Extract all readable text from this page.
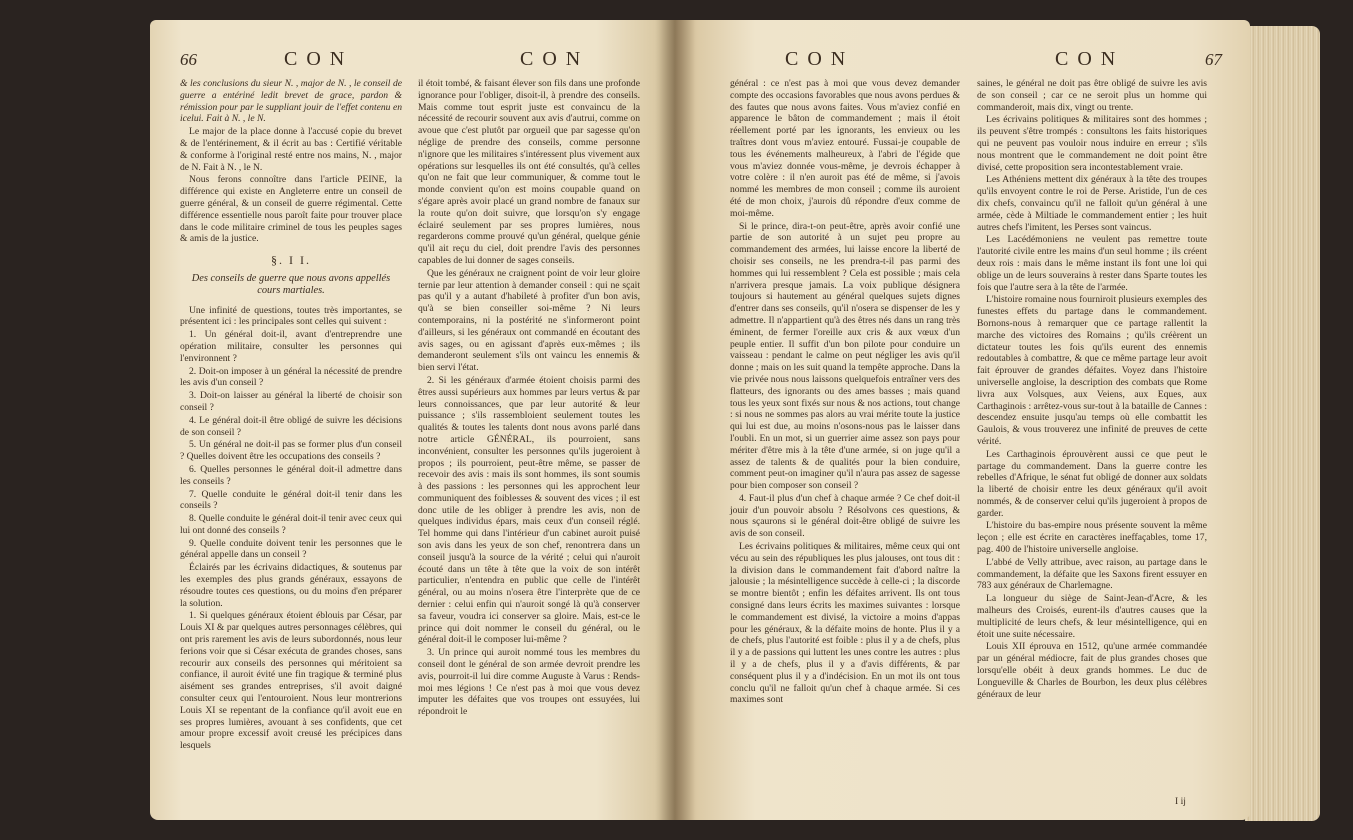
66	CON	CON

& les conclusions du sieur N. , major de N. , le conseil de guerre a entériné ledit brevet de grace, pardon & rémission pour par le suppliant jouir de l'effet contenu en icelui. Fait à N. , le N.

Le major de la place donne à l'accusé copie du brevet & de l'entérinement, & il écrit au bas : Certifié véritable & conforme à l'original resté entre nos mains, N. , major de N. Fait à N. , le N.

Nous ferons connoître dans l'article PEINE, la différence qui existe en Angleterre entre un conseil de guerre général, & un conseil de guerre régimental. Cette différence essentielle nous paroît faite pour trouver place dans le code militaire criminel de tous les peuples sages & amis de la justice.

§. I I.

Des conseils de guerre que nous avons appellés cours martiales.

Une infinité de questions, toutes très importantes, se présentent ici : les principales sont celles qui suivent :

1. Un général doit-il, avant d'entreprendre une opération militaire, consulter les personnes qui l'environnent ?

2. Doit-on imposer à un général la nécessité de prendre les avis d'un conseil ?

3. Doit-on laisser au général la liberté de choisir son conseil ?

4. Le général doit-il être obligé de suivre les décisions de son conseil ?

5. Un général ne doit-il pas se former plus d'un conseil ? Quelles doivent être les occupations des conseils ?

6. Quelles personnes le général doit-il admettre dans les conseils ?

7. Quelle conduite le général doit-il tenir dans les conseils ?

8. Quelle conduite le général doit-il tenir avec ceux qui lui ont donné des conseils ?

9. Quelle conduite doivent tenir les personnes que le général appelle dans un conseil ?

Éclairés par les écrivains didactiques, & soutenus par les exemples des plus grands généraux, essayons de résoudre toutes ces questions, ou du moins d'en préparer la solution.

1. Si quelques généraux étoient éblouis par César, par Louis XI & par quelques autres personnages célèbres, qui ont pris rarement les avis de leurs subordonnés, nous leur ferions voir que si César exécuta de grandes choses, sans recourir aux conseils des personnes qui méritoient sa confiance, il auroit évité une fin tragique & terminé plus aisément ses grandes entreprises, s'il avoit daigné consulter ceux qui l'entouroient. Nous leur montrerions Louis XI se repentant de la confiance qu'il avoit eue en ses propres lumières, avouant à ses confidents, que cet amour propre excessif avoit creusé les précipices dans lesquels

il étoit tombé, & faisant élever son fils dans une profonde ignorance pour l'obliger, disoit-il, à prendre des conseils. Mais comme tout esprit juste est convaincu de la nécessité de recourir souvent aux avis d'autrui, comme on avoue que c'est plutôt par orgueil que par sagesse qu'on néglige de prendre des conseils, comme personne n'ignore que les militaires s'intéressent plus vivement aux opérations sur lesquelles ils ont été consultés, qu'à celles qu'on ne fait que leur communiquer, & comme tout le monde convient qu'on est moins coupable quand on s'égare après avoir placé un grand nombre de fanaux sur la route qu'on doit suivre, que lorsqu'on s'y engage éclairé seulement par ses propres lumières, nous regarderons comme prouvé qu'un général, quelque génie qu'il ait reçu du ciel, doit prendre l'avis des personnes capables de lui donner de sages conseils.

Que les généraux ne craignent point de voir leur gloire ternie par leur attention à demander conseil : qui ne sçait pas qu'il y a autant d'habileté à profiter d'un bon avis, qu'à se bien conseiller soi-même ? Ni leurs contemporains, ni la postérité ne s'informeront point d'ailleurs, si les généraux ont commandé en écoutant des avis sages, ou en agissant d'après eux-mêmes ; ils demanderont seulement s'ils ont vaincu les ennemis & bien servi l'état.

2. Si les généraux d'armée étoient choisis parmi des êtres aussi supérieurs aux hommes par leurs vertus & par leurs connoissances, que par leur autorité & leur puissance ; s'ils rassembloient seulement toutes les qualités & toutes les talents dont nous avons parlé dans notre article GÉNÉRAL, ils pourroient, sans inconvénient, consulter les personnes qu'ils jugeroient à propos ; ils pourroient, peut-être même, se passer de recevoir des avis : mais ils sont hommes, ils sont soumis à des passions : les personnes qui les approchent leur communiquent des foiblesses & souvent des vices ; il est donc utile de les obliger à prendre les avis, non de quelques individus épars, mais ceux d'un conseil réglé. Tel homme qui dans l'intérieur d'un cabinet auroit puisé son avis dans les yeux de son chef, renontrera dans un conseil jusqu'à la source de la vérité ; celui qui n'auroit écouté dans un tête à tête que la voix de son intérêt particulier, n'entendra en public que celle de l'intérêt général, ou au moins n'osera être l'interprète que de ce dernier : celui enfin qui n'auroit songé là qu'à conserver sa faveur, voudra ici conserver sa gloire. Mais, est-ce le prince qui doit nommer le conseil du général, ou le général doit-il le composer lui-même ?

3. Un prince qui auroit nommé tous les membres du conseil dont le général de son armée devroit prendre les avis, pourroit-il lui dire comme Auguste à Varus : Rends-moi mes légions ! Ce n'est pas à moi que vous devez imputer les défaites que vos troupes ont essuyées, lui répondroit le

CON	CON	67

général : ce n'est pas à moi que vous devez demander compte des occasions favorables que nous avons perdues & des fautes que nous avons faites. Vous m'aviez confié en apparence le bâton de commandement ; mais il étoit réellement porté par les ignorants, les envieux ou les traîtres dont vous m'aviez entouré. Fussai-je coupable de tous les événements malheureux, à l'abri de l'égide que vous m'aviez donnée vous-même, je devrois échapper à votre colère : il n'en auroit pas été de même, si j'avois nommé les membres de mon conseil ; comme ils auroient été de mon choix, j'aurois dû répondre d'eux comme de moi-même.

Si le prince, dira-t-on peut-être, après avoir confié une partie de son autorité à un sujet peu propre au commandement des armées, lui laisse encore la liberté de choisir ses conseils, ne les prendra-t-il pas parmi des hommes qui lui ressemblent ? Cela est possible ; mais cela n'arrivera presque jamais. La voix publique désignera toujours si hautement au général quelques sujets dignes d'entrer dans ses conseils, qu'il n'osera se dispenser de les y admettre. Il n'appartient qu'à des êtres nés dans un rang très éminent, de fermer l'oreille aux cris & aux vœux d'un peuple entier. Il suffit d'un bon pilote pour conduire un vaisseau : pendant le calme on peut négliger les avis qu'il donne ; mais on les suit quand la tempête approche. Dans la vie privée nous nous laissons quelquefois entraîner vers des flatteurs, des ignorants ou des ames basses ; mais quand tous les yeux sont fixés sur nous & nos actions, tout change : si nous ne sommes pas alors au vrai mérite toute la justice qui lui est due, au moins n'osons-nous pas le laisser dans l'oubli. En un mot, si un guerrier aime assez son pays pour mériter d'être mis à la tête d'une armée, si on juge qu'il a assez de talents & de qualités pour la bien conduire, comment peut-on imaginer qu'il n'aura pas assez de sagesse pour bien composer son conseil ?

4. Faut-il plus d'un chef à chaque armée ? Ce chef doit-il jouir d'un pouvoir absolu ? Résolvons ces questions, & nous sçaurons si le général doit-être obligé de suivre les avis de son conseil.

Les écrivains politiques & militaires, même ceux qui ont vécu au sein des républiques les plus jalouses, ont tous dit : la division dans le commandement fait d'abord naître la jalousie ; la mésintelligence succède à celle-ci ; la discorde se montre bientôt ; enfin les défaites arrivent. Ils ont tous consigné dans leurs écrits les maximes suivantes : lorsque le commandement est divisé, la victoire a moins d'appas pour les généraux, & la défaite moins de honte. Plus il y a de chefs, plus l'autorité est foible : plus il y a de chefs, plus il y a de passions qui luttent les unes contre les autres : plus il y a de chefs, plus il y a d'avis différents, & par conséquent plus il y a d'indécision. En un mot ils ont tous conclu qu'il ne falloit qu'un chef à chaque armée. Si ces maximes sont

saines, le général ne doit pas être obligé de suivre les avis de son conseil ; car ce ne seroit plus un homme qui commanderoit, mais dix, vingt ou trente.

Les écrivains politiques & militaires sont des hommes ; ils peuvent s'être trompés : consultons les faits historiques qui ne peuvent pas vouloir nous induire en erreur ; s'ils nous montrent que le commandement ne doit point être divisé, cette proposition sera incontestablement vraie.

Les Athéniens mettent dix généraux à la tête des troupes qu'ils envoyent contre le roi de Perse. Aristide, l'un de ces dix chefs, convaincu qu'il ne falloit qu'un général à une armée, cède à Miltiade le commandement entier ; les huit autres chefs l'imitent, les Perses sont vaincus.

Les Lacédémoniens ne veulent pas remettre toute l'autorité civile entre les mains d'un seul homme ; ils créent deux rois : mais dans le même instant ils font une loi qui oblige un de leurs souverains à rester dans Sparte toutes les fois que l'autre sera à la tête de l'armée.

L'histoire romaine nous fourniroit plusieurs exemples des funestes effets du partage dans le commandement. Bornons-nous à remarquer que ce partage rallentit la marche des victoires des Romains ; qu'ils créèrent un dictateur toutes les fois qu'ils eurent des ennemis redoutables à combattre, & que ce même partage leur avoit fait éprouver de grandes défaites. Voyez dans l'histoire universelle angloise, la description des combats que Rome livra aux Volsques, aux Veiens, aux Eques, aux Carthaginois : arrêtez-vous sur-tout à la bataille de Cannes : descendez ensuite jusqu'au temps où elle combattit les Gaulois, & vous trouverez une infinité de preuves de cette vérité.

Les Carthaginois éprouvèrent aussi ce que peut le partage du commandement. Dans la guerre contre les rebelles d'Afrique, le sénat fut obligé de donner aux soldats la liberté de choisir entre les deux généraux qu'il avoit nommés, & de conserver celui qu'ils jugeroient à propos de garder.

L'histoire du bas-empire nous présente souvent la même leçon ; elle est écrite en caractères ineffaçables, tome 17, pag. 400 de l'histoire universelle angloise.

L'abbé de Velly attribue, avec raison, au partage dans le commandement, la défaite que les Saxons firent essuyer en 783 aux généraux de Charlemagne.

La longueur du siège de Saint-Jean-d'Acre, & les malheurs des Croisés, eurent-ils d'autres causes que la multiplicité de leurs chefs, & leur mésintelligence, qui en étoit une suite nécessaire.

Louis XII éprouva en 1512, qu'une armée commandée par un général médiocre, fait de plus grandes choses que lorsqu'elle obéit à deux grands hommes. Le duc de Longueville & Charles de Bourbon, les deux plus célèbres généraux de leur

I ij
